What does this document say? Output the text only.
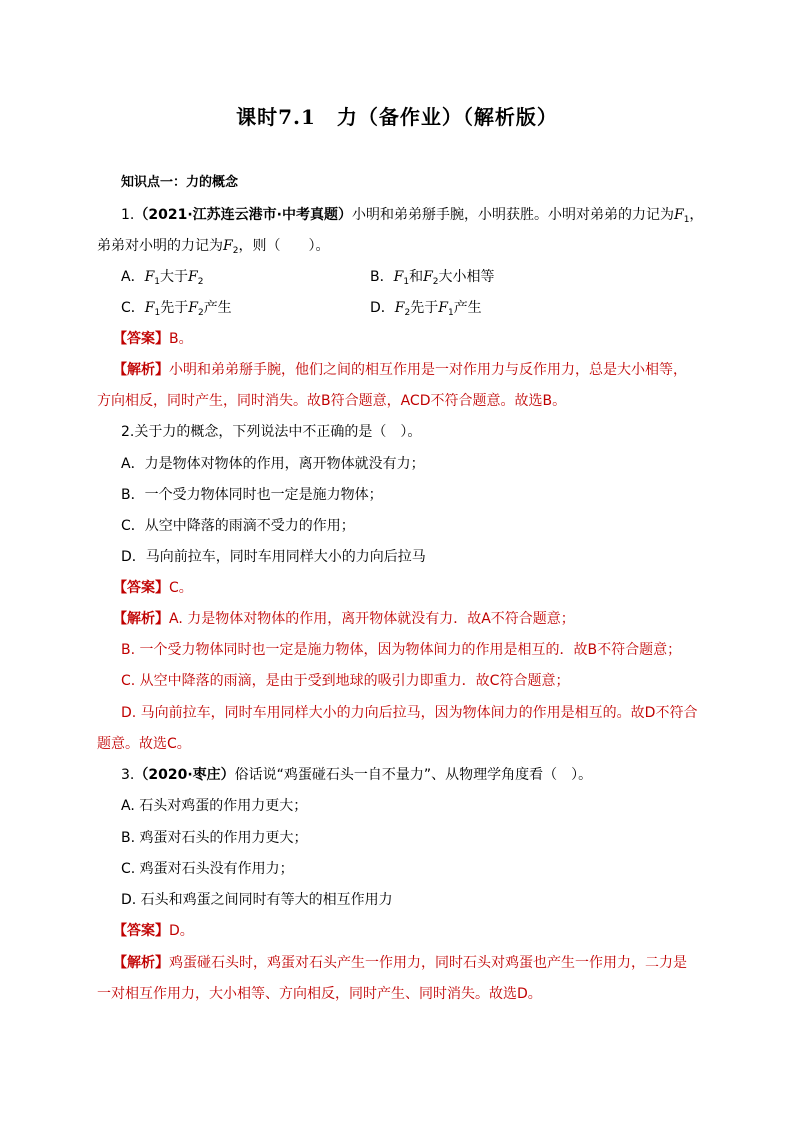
课时7.1　力（备作业）（解析版）
知识点一：力的概念
1.（2021·江苏连云港市·中考真题）小明和弟弟掰手腕，小明获胜。小明对弟弟的力记为$F_1$，
弟弟对小明的力记为$F_2$，则（　　）。
A．$F_1$大于$F_2$	B．$F_1$和$F_2$大小相等
C．$F_1$先于$F_2$产生	D．$F_2$先于$F_1$产生
【答案】B。
【解析】小明和弟弟掰手腕，他们之间的相互作用是一对作用力与反作用力，总是大小相等，
方向相反，同时产生，同时消失。故B符合题意，ACD不符合题意。故选B。
2.关于力的概念，下列说法中不正确的是（　）。
A．力是物体对物体的作用，离开物体就没有力；
B．一个受力物体同时也一定是施力物体；
C．从空中降落的雨滴不受力的作用；
D．马向前拉车，同时车用同样大小的力向后拉马
【答案】C。
【解析】A. 力是物体对物体的作用，离开物体就没有力．故A不符合题意；
B. 一个受力物体同时也一定是施力物体，因为物体间力的作用是相互的．故B不符合题意；
C. 从空中降落的雨滴，是由于受到地球的吸引力即重力．故C符合题意；
D. 马向前拉车，同时车用同样大小的力向后拉马，因为物体间力的作用是相互的。故D不符合
题意。故选C。
3.（2020·枣庄）俗话说“鸡蛋碰石头一自不量力”、从物理学角度看（　）。
A. 石头对鸡蛋的作用力更大；
B. 鸡蛋对石头的作用力更大；
C. 鸡蛋对石头没有作用力；
D. 石头和鸡蛋之间同时有等大的相互作用力
【答案】D。
【解析】鸡蛋碰石头时，鸡蛋对石头产生一作用力，同时石头对鸡蛋也产生一作用力，二力是
一对相互作用力，大小相等、方向相反，同时产生、同时消失。故选D。
